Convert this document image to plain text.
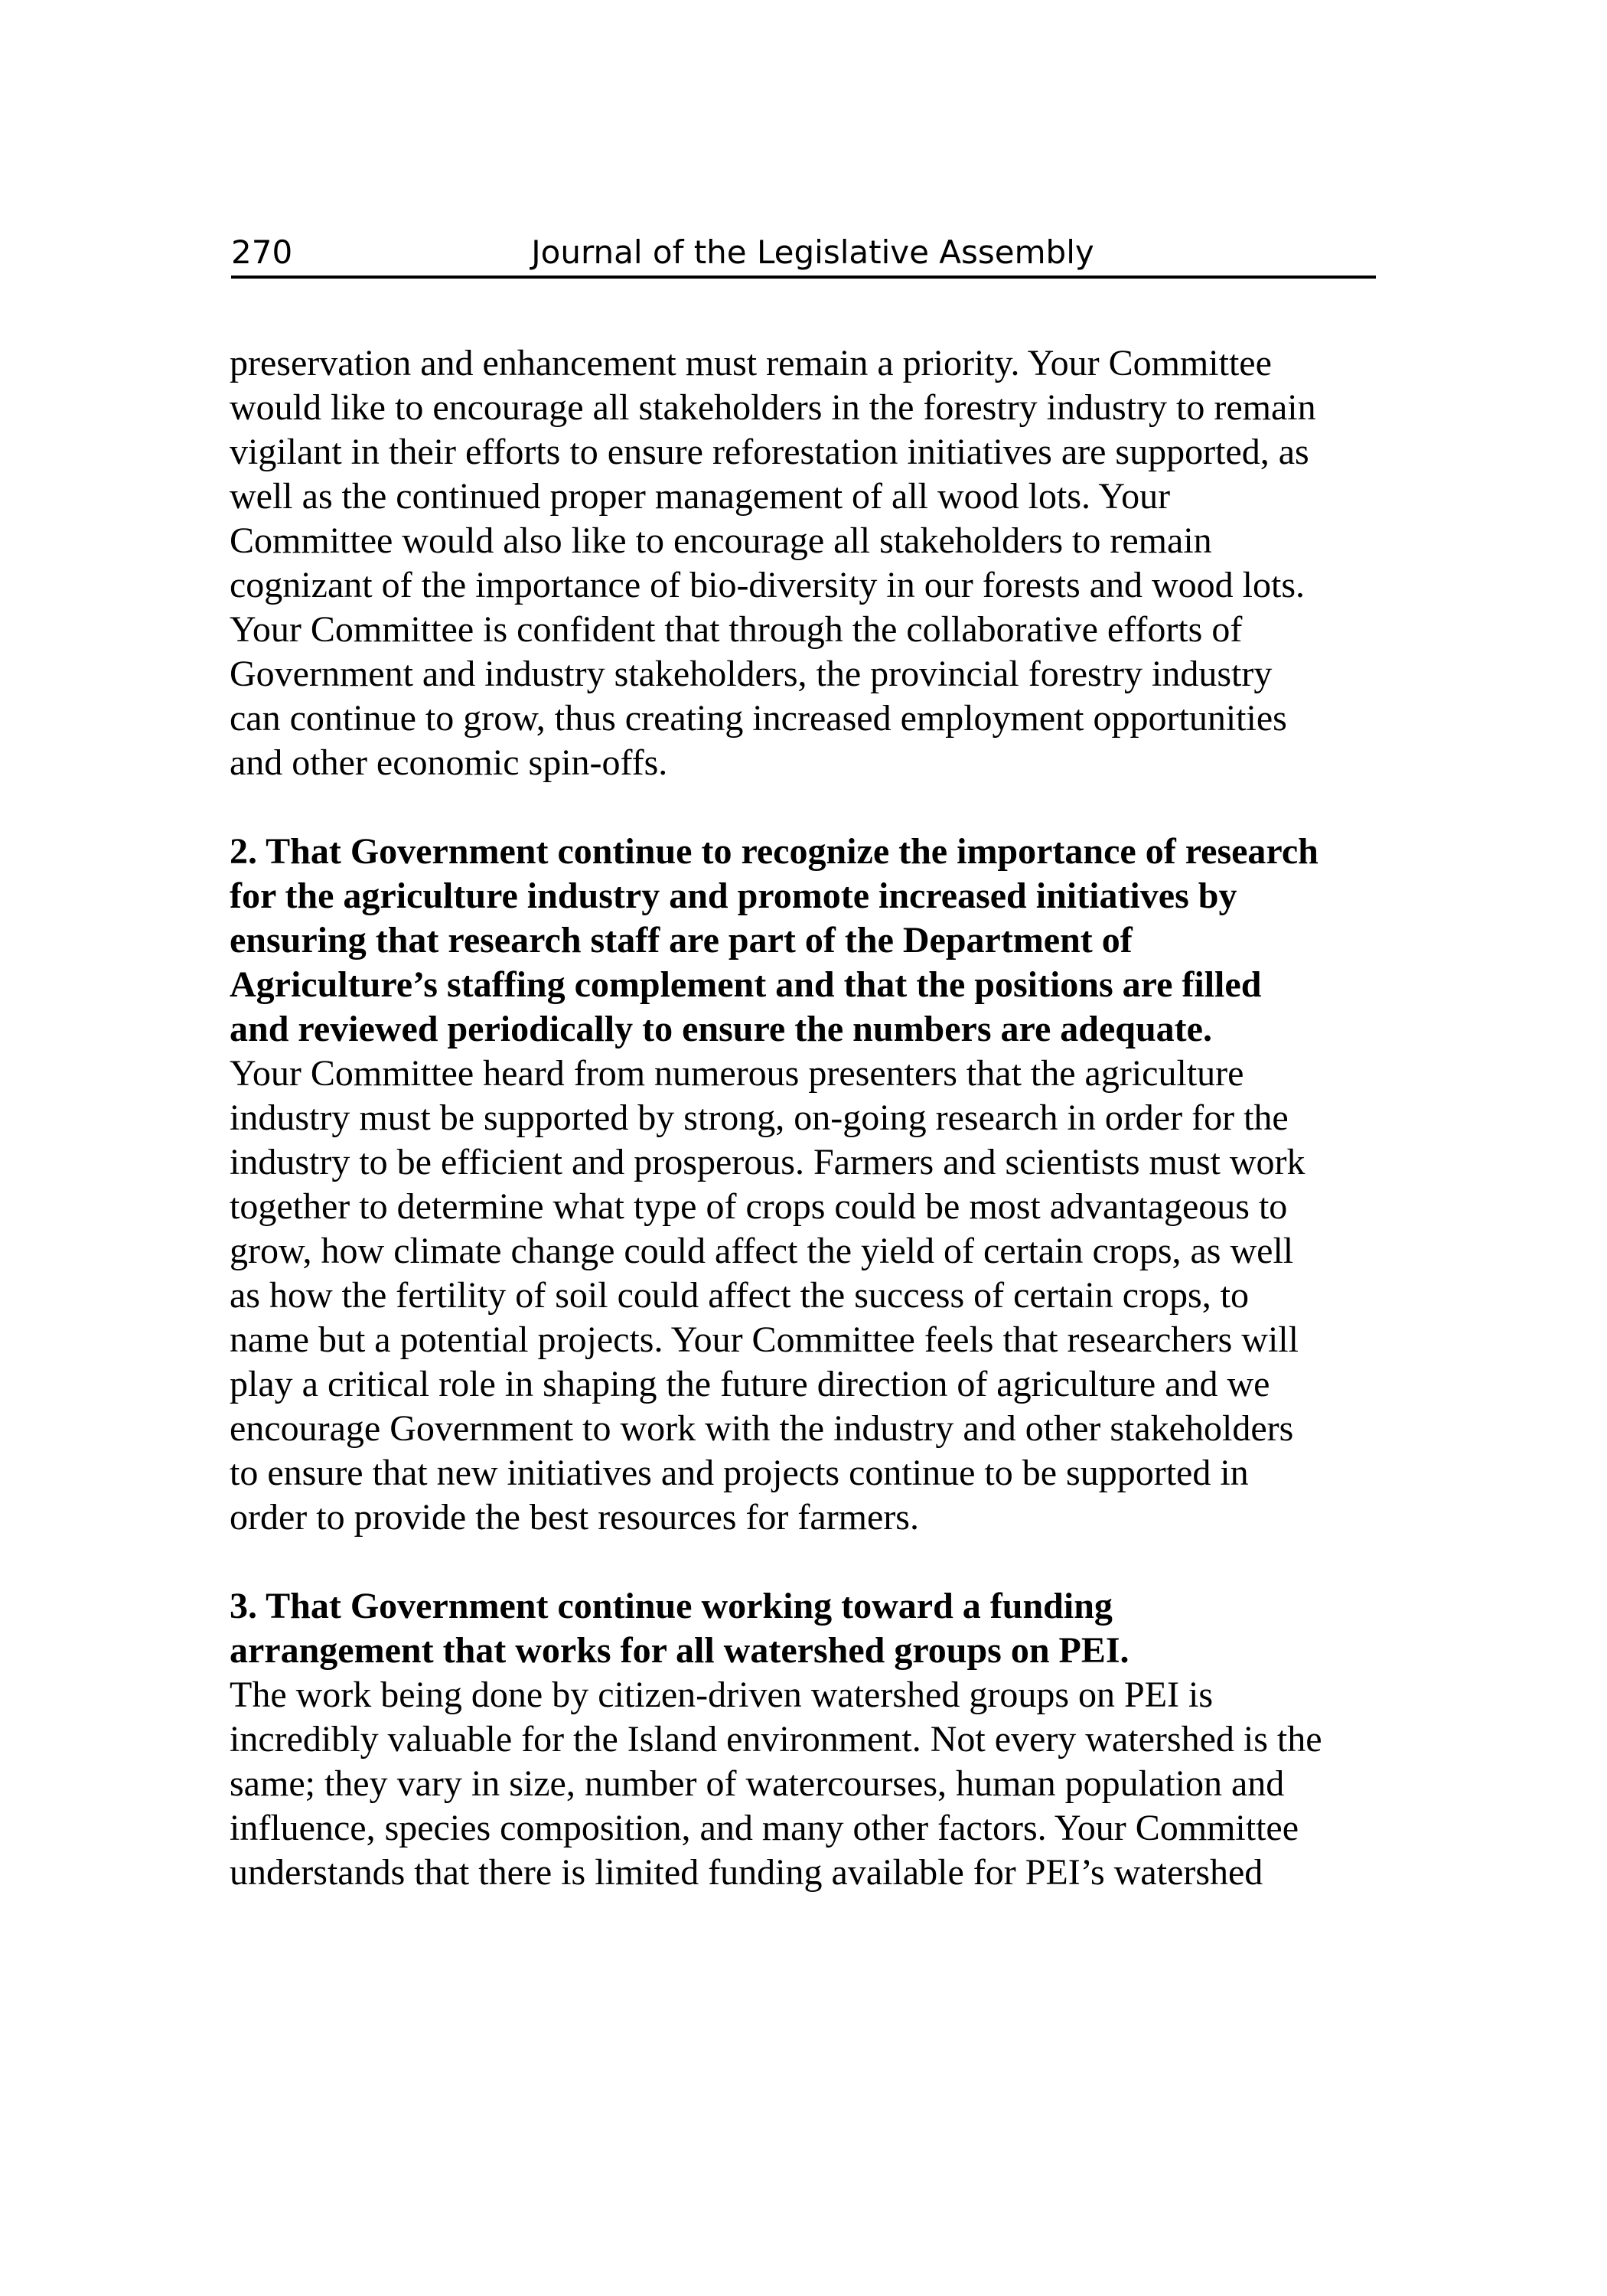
270	Journal of the Legislative Assembly

preservation and enhancement must remain a priority. Your Committee
would like to encourage all stakeholders in the forestry industry to remain
vigilant in their efforts to ensure reforestation initiatives are supported, as
well as the continued proper management of all wood lots. Your
Committee would also like to encourage all stakeholders to remain
cognizant of the importance of bio-diversity in our forests and wood lots.
Your Committee is confident that through the collaborative efforts of
Government and industry stakeholders, the provincial forestry industry
can continue to grow, thus creating increased employment opportunities
and other economic spin-offs.

2. That Government continue to recognize the importance of research
for the agriculture industry and promote increased initiatives by
ensuring that research staff are part of the Department of
Agriculture’s staffing complement and that the positions are filled
and reviewed periodically to ensure the numbers are adequate.

Your Committee heard from numerous presenters that the agriculture
industry must be supported by strong, on-going research in order for the
industry to be efficient and prosperous. Farmers and scientists must work
together to determine what type of crops could be most advantageous to
grow, how climate change could affect the yield of certain crops, as well
as how the fertility of soil could affect the success of certain crops, to
name but a potential projects. Your Committee feels that researchers will
play a critical role in shaping the future direction of agriculture and we
encourage Government to work with the industry and other stakeholders
to ensure that new initiatives and projects continue to be supported in
order to provide the best resources for farmers.

3. That Government continue working toward a funding
arrangement that works for all watershed groups on PEI.

The work being done by citizen-driven watershed groups on PEI is
incredibly valuable for the Island environment. Not every watershed is the
same; they vary in size, number of watercourses, human population and
influence, species composition, and many other factors. Your Committee
understands that there is limited funding available for PEI’s watershed
